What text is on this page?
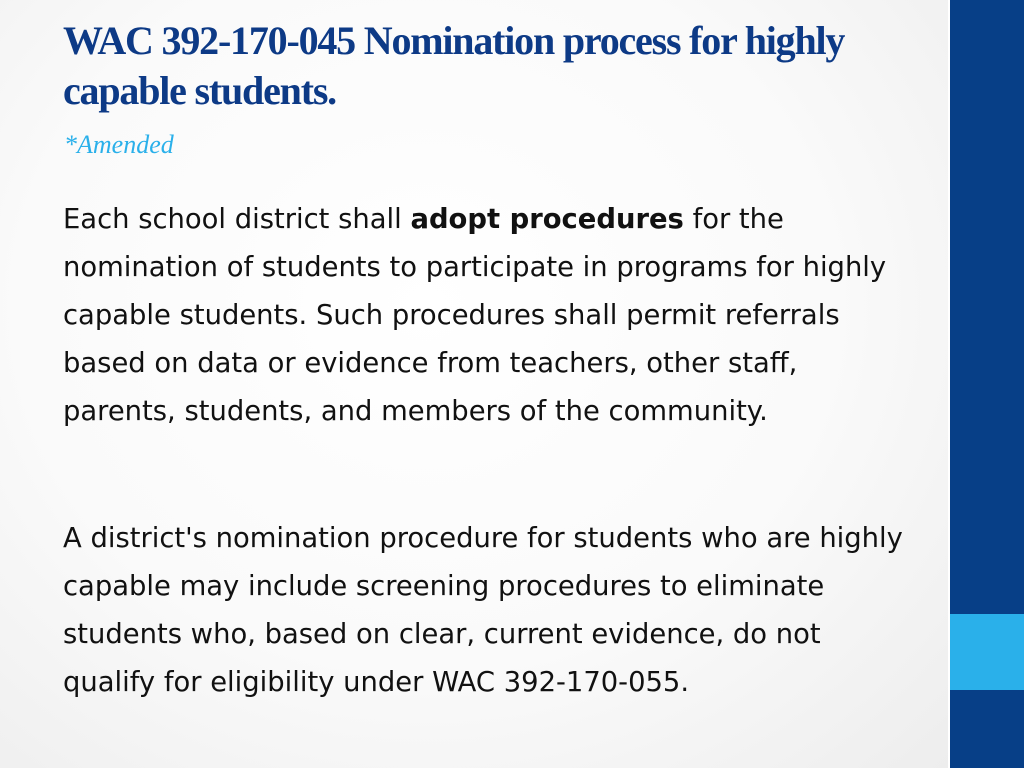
WAC 392-170-045 Nomination process for highly capable students.

*Amended

Each school district shall adopt procedures for the nomination of students to participate in programs for highly capable students. Such procedures shall permit referrals based on data or evidence from teachers, other staff, parents, students, and members of the community.

A district's nomination procedure for students who are highly capable may include screening procedures to eliminate students who, based on clear, current evidence, do not qualify for eligibility under WAC 392-170-055.
